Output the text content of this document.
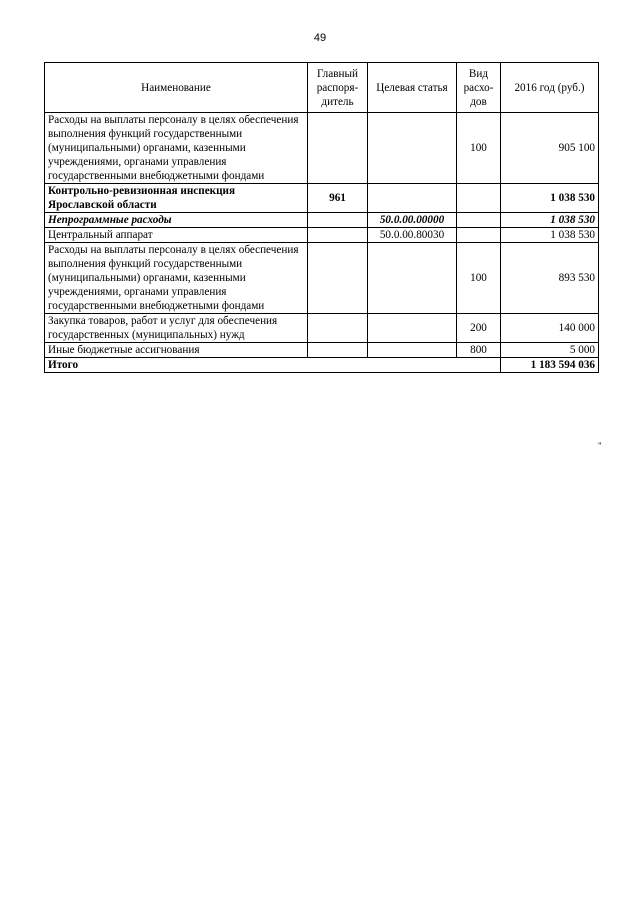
49
Наименование	Главный распоря-дитель	Целевая статья	Вид расхо-дов	2016 год (руб.)
Расходы на выплаты персоналу в целях обеспечения выполнения функций государственными (муниципальными) органами, казенными учреждениями, органами управления государственными внебюджетными фондами			100	905 100
Контрольно-ревизионная инспекция Ярославской области	961			1 038 530
Непрограммные расходы		50.0.00.00000		1 038 530
Центральный аппарат		50.0.00.80030		1 038 530
Расходы на выплаты персоналу в целях обеспечения выполнения функций государственными (муниципальными) органами, казенными учреждениями, органами управления государственными внебюджетными фондами			100	893 530
Закупка товаров, работ и услуг для обеспечения государственных (муниципальных) нужд			200	140 000
Иные бюджетные ассигнования			800	5 000
Итого				1 183 594 036
"
